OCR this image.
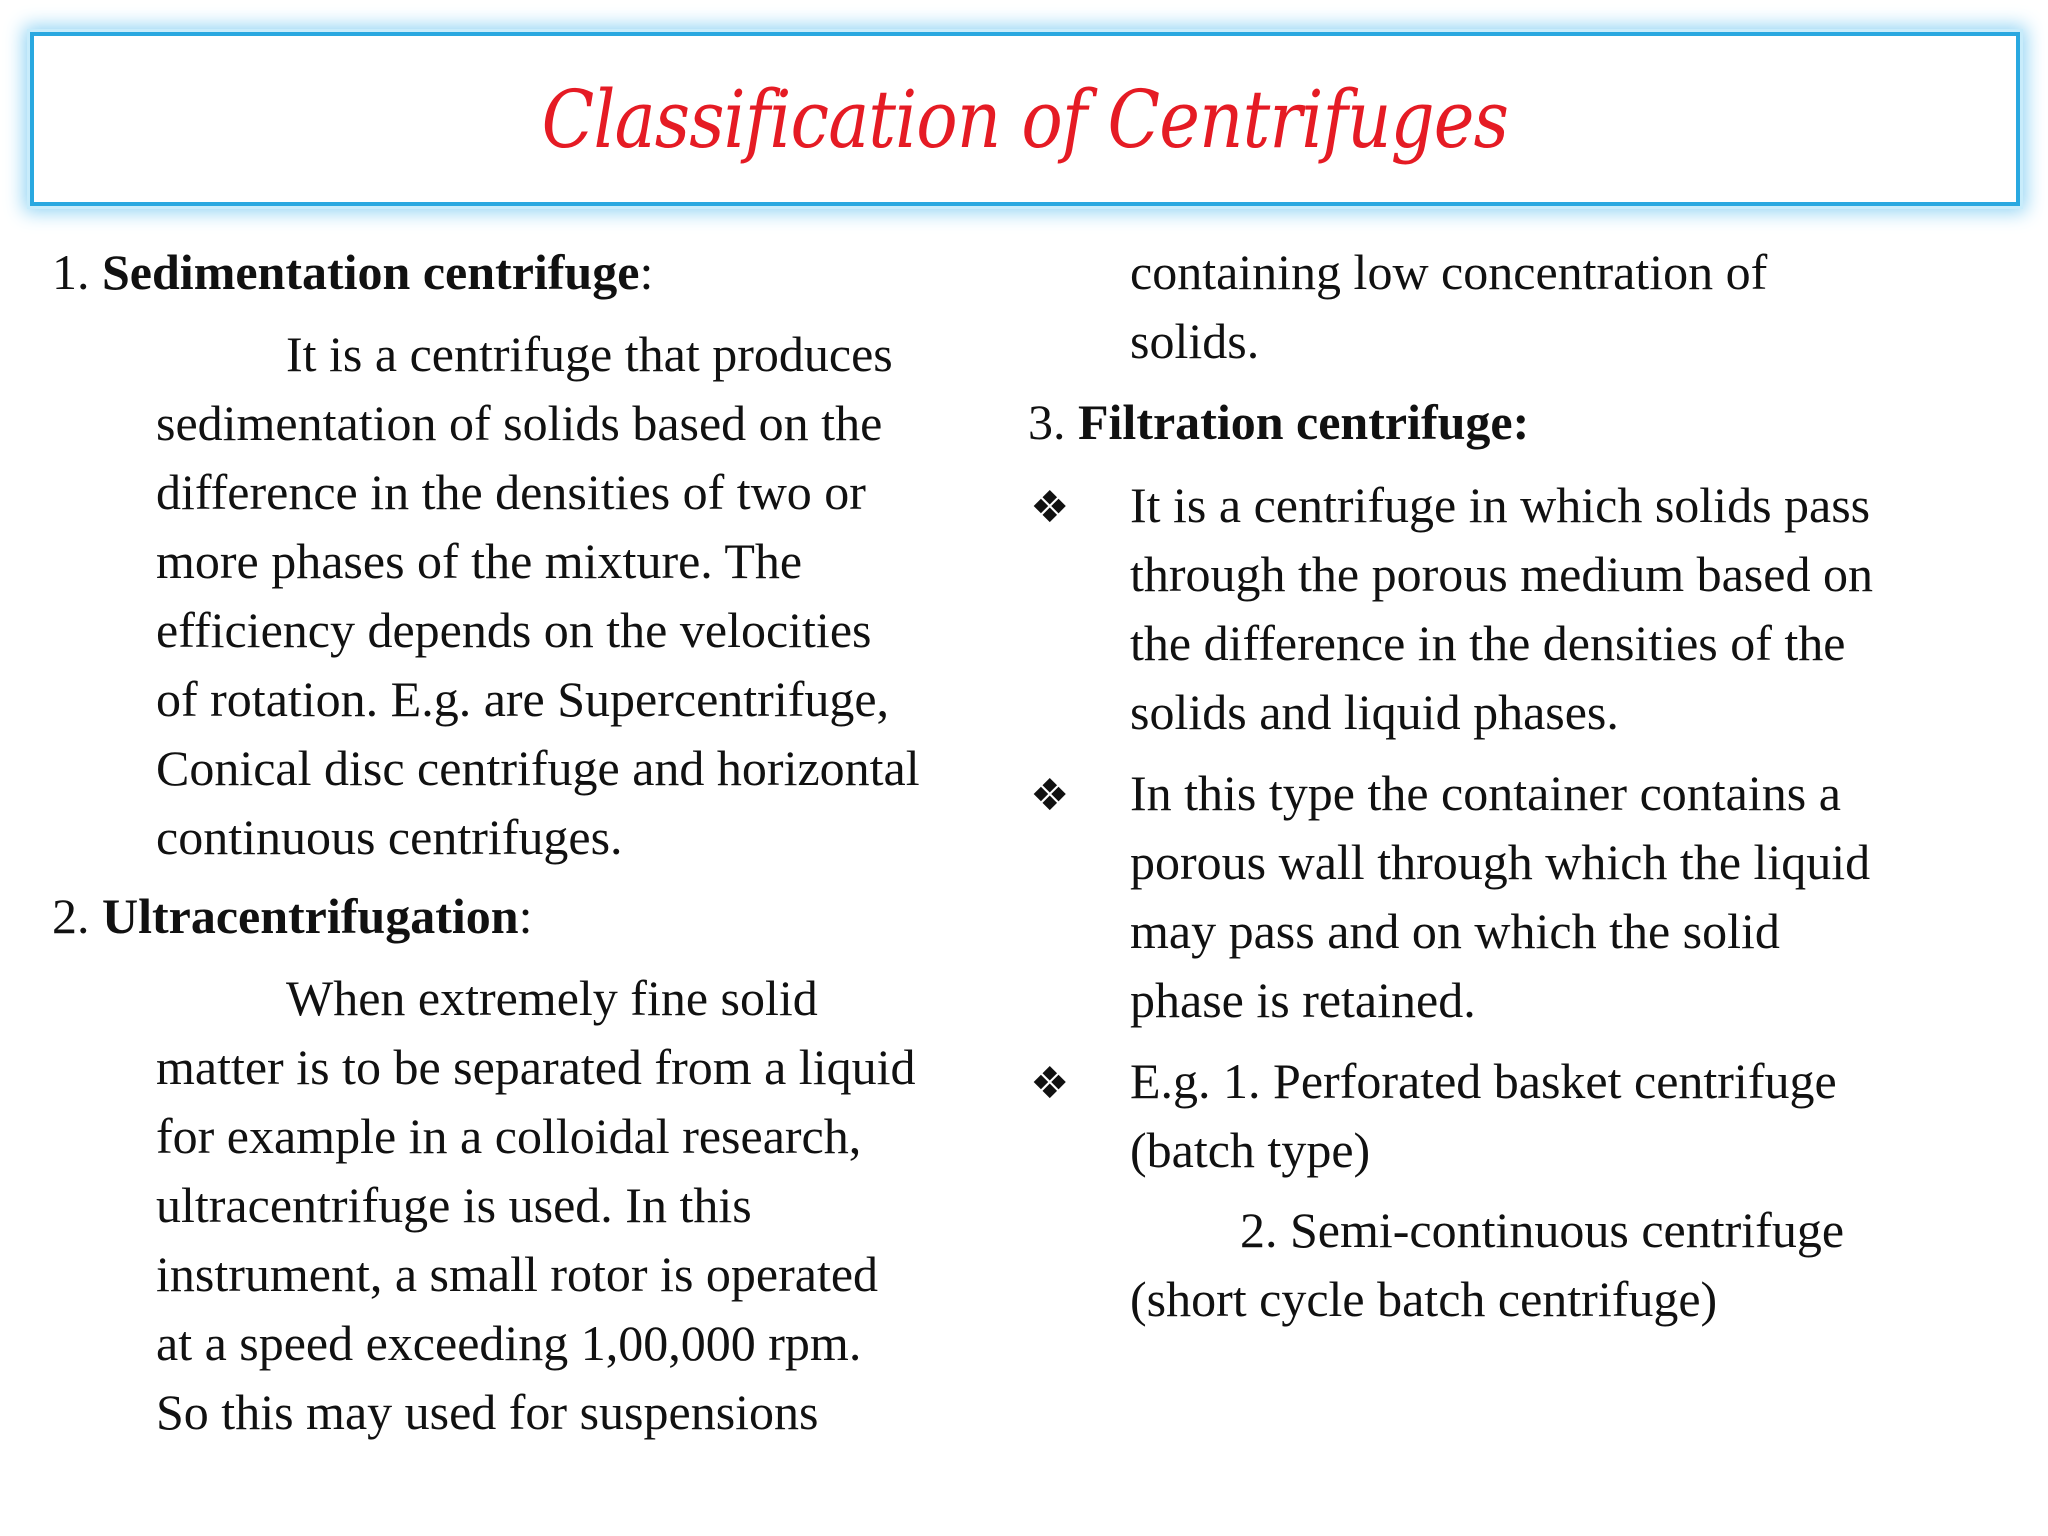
Classification of Centrifuges
1. Sedimentation centrifuge:
It is a centrifuge that produces
sedimentation of solids based on the
difference in the densities of two or
more phases of the mixture. The
efficiency depends on the velocities
of rotation. E.g. are Supercentrifuge,
Conical disc centrifuge and horizontal
continuous centrifuges.
2. Ultracentrifugation:
When extremely fine solid
matter is to be separated from a liquid
for example in a colloidal research,
ultracentrifuge is used. In this
instrument, a small rotor is operated
at a speed exceeding 1,00,000 rpm.
So this may used for suspensions
containing low concentration of
solids.
3. Filtration centrifuge:
❖ It is a centrifuge in which solids pass
through the porous medium based on
the difference in the densities of the
solids and liquid phases.
❖ In this type the container contains a
porous wall through which the liquid
may pass and on which the solid
phase is retained.
❖ E.g. 1. Perforated basket centrifuge
(batch type)
2. Semi-continuous centrifuge
(short cycle batch centrifuge)
